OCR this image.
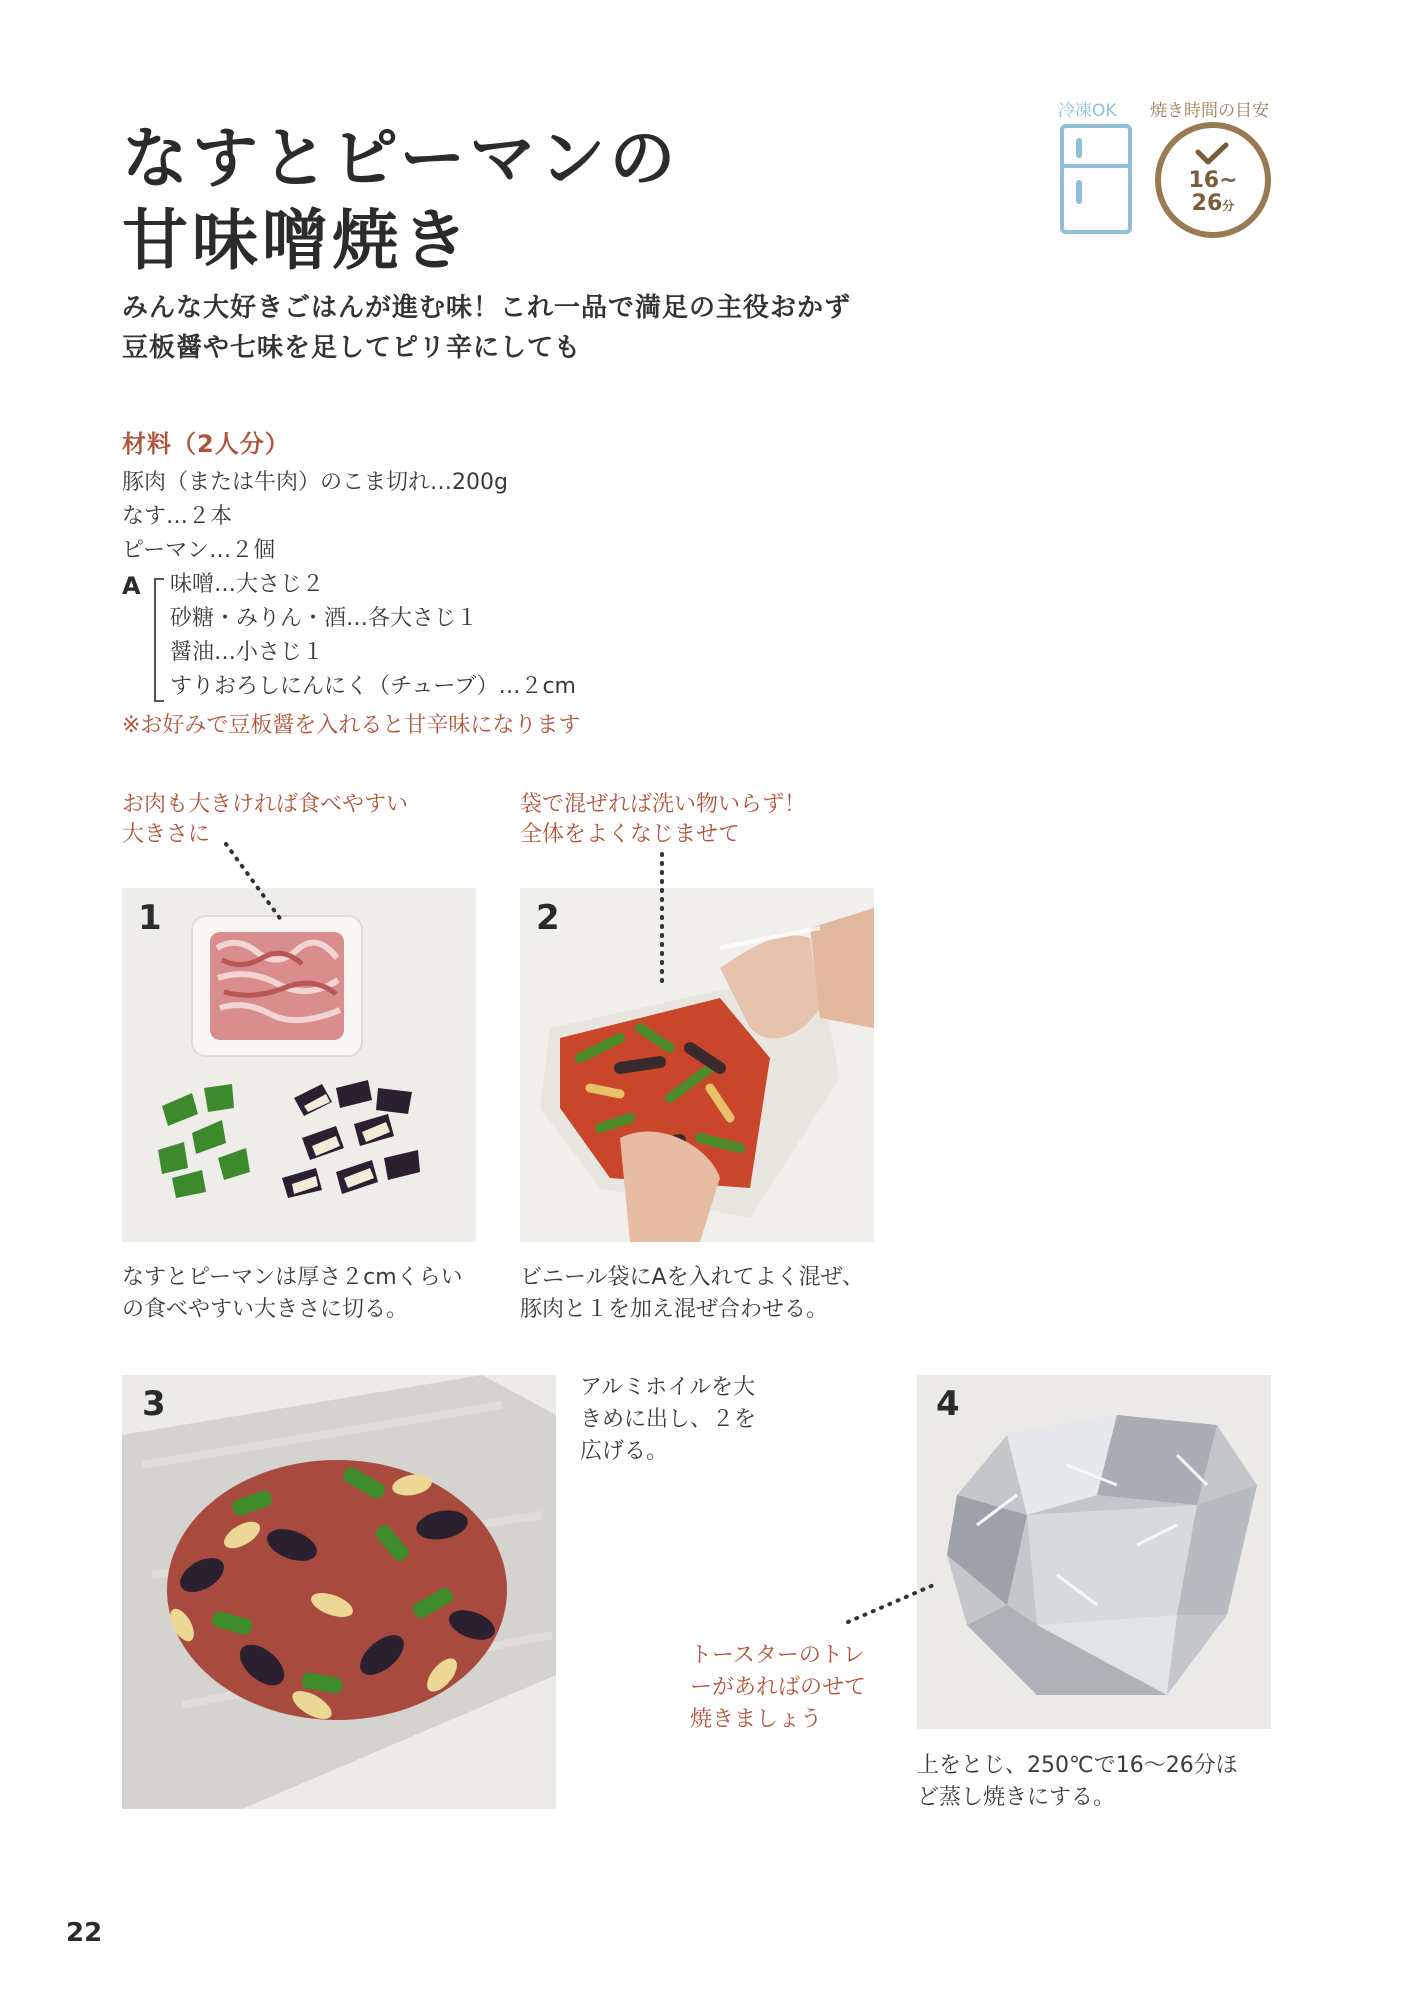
なすとピーマンの
甘味噌焼き
みんな大好きごはんが進む味！これ一品で満足の主役おかず
豆板醤や七味を足してピリ辛にしても
冷凍OK 焼き時間の目安
16~
26分
材料（2人分）
豚肉（または牛肉）のこま切れ…200g
なす…２本
ピーマン…２個
A 味噌…大さじ２
砂糖・みりん・酒…各大さじ１
醤油…小さじ１
すりおろしにんにく（チューブ）…２cm
※お好みで豆板醤を入れると甘辛味になります
お肉も大きければ食べやすい
大きさに
袋で混ぜれば洗い物いらず！
全体をよくなじませて
1	2
なすとピーマンは厚さ２cmくらい
の食べやすい大きさに切る。
ビニール袋にAを入れてよく混ぜ、
豚肉と１を加え混ぜ合わせる。
3	アルミホイルを大
きめに出し、２を
広げる。
4
トースターのトレ
ーがあればのせて
焼きましょう
上をとじ、250℃で16～26分ほ
ど蒸し焼きにする。
22
